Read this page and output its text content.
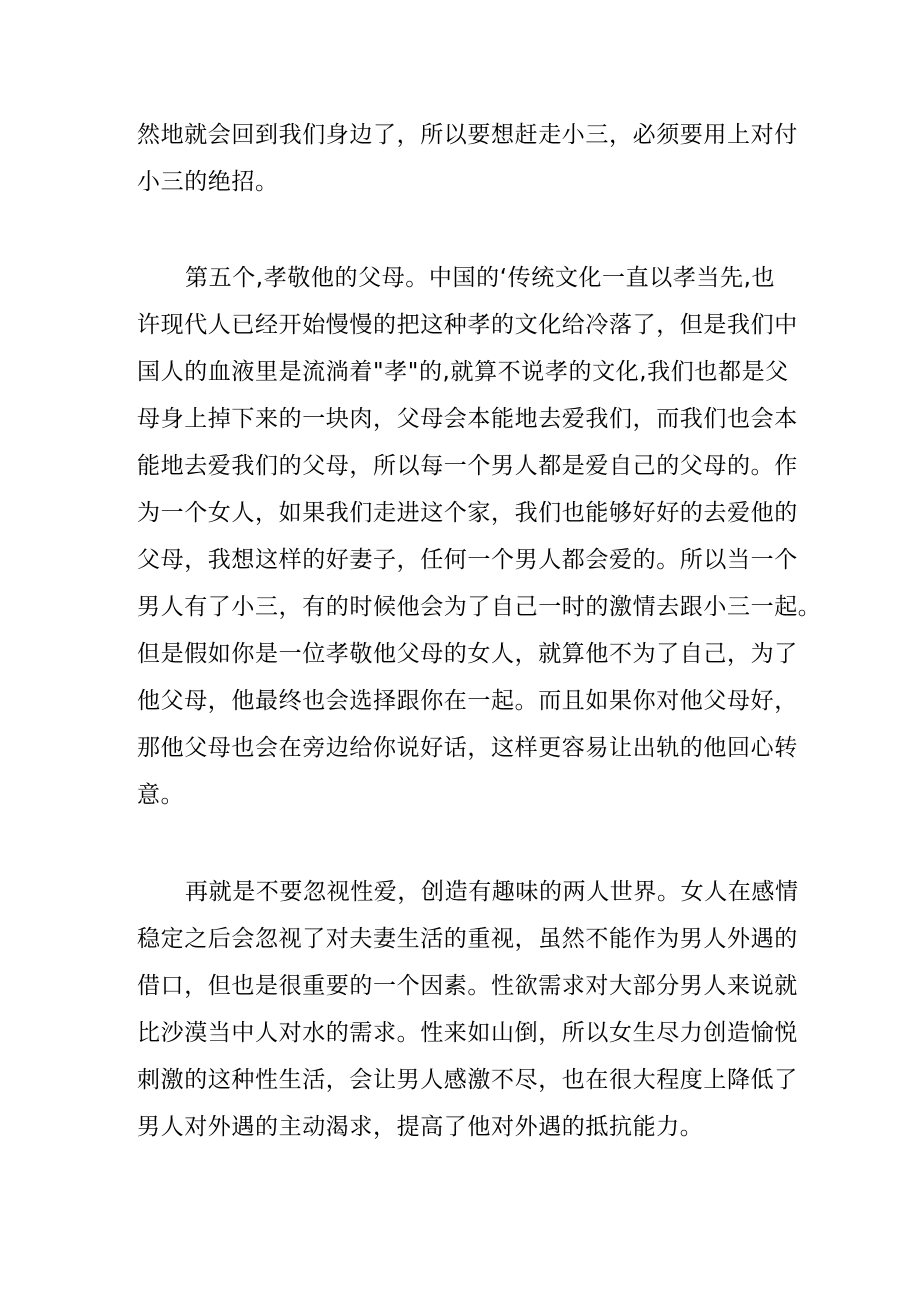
然地就会回到我们身边了，所以要想赶走小三，必须要用上对付
小三的绝招。
第五个,孝敬他的父母。中国的‘传统文化一直以孝当先,也
许现代人已经开始慢慢的把这种孝的文化给冷落了，但是我们中
国人的血液里是流淌着"孝"的,就算不说孝的文化,我们也都是父
母身上掉下来的一块肉，父母会本能地去爱我们，而我们也会本
能地去爱我们的父母，所以每一个男人都是爱自己的父母的。作
为一个女人，如果我们走进这个家，我们也能够好好的去爱他的
父母，我想这样的好妻子，任何一个男人都会爱的。所以当一个
男人有了小三，有的时候他会为了自己一时的激情去跟小三一起。
但是假如你是一位孝敬他父母的女人，就算他不为了自己，为了
他父母，他最终也会选择跟你在一起。而且如果你对他父母好，
那他父母也会在旁边给你说好话，这样更容易让出轨的他回心转
意。
再就是不要忽视性爱，创造有趣味的两人世界。女人在感情
稳定之后会忽视了对夫妻生活的重视，虽然不能作为男人外遇的
借口，但也是很重要的一个因素。性欲需求对大部分男人来说就
比沙漠当中人对水的需求。性来如山倒，所以女生尽力创造愉悦
刺激的这种性生活，会让男人感激不尽，也在很大程度上降低了
男人对外遇的主动渴求，提高了他对外遇的抵抗能力。
